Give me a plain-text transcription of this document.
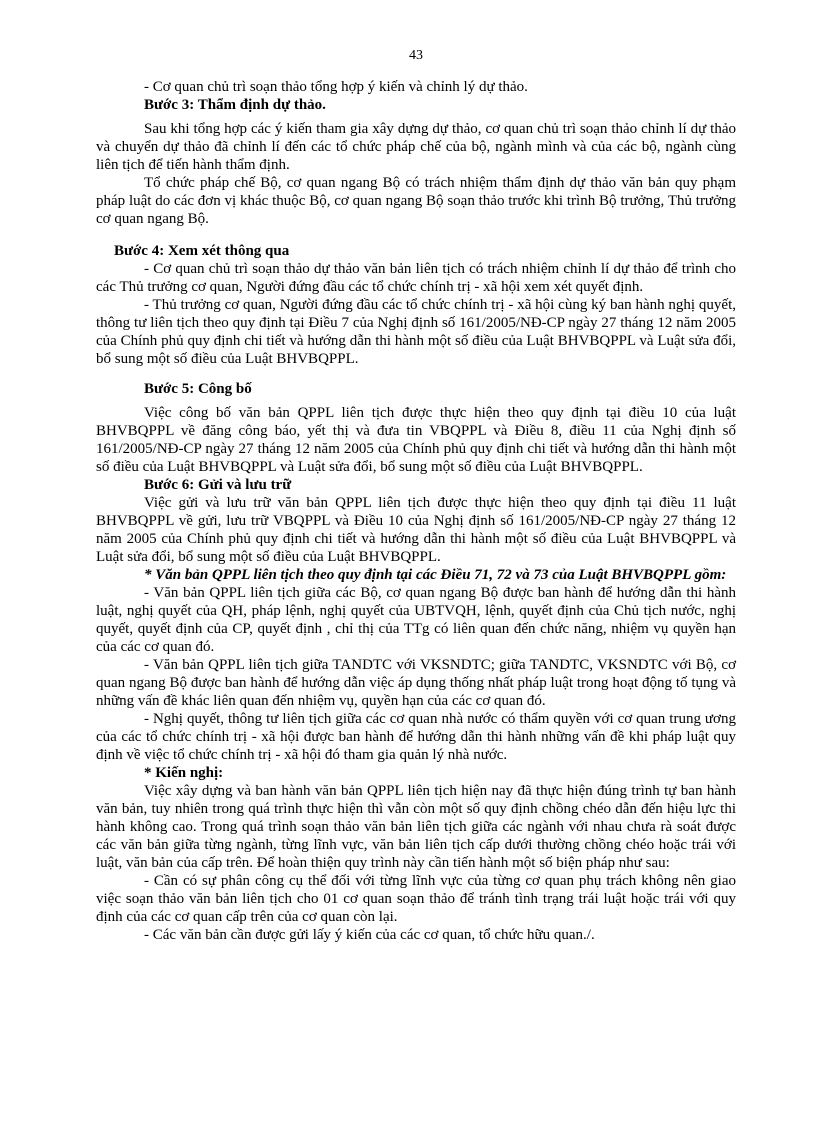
43

- Cơ quan chủ trì soạn thảo tổng hợp ý kiến và chỉnh lý dự thảo.

Bước 3: Thẩm định dự thảo.

Sau khi tổng hợp các ý kiến tham gia xây dựng dự thảo, cơ quan chủ trì soạn thảo chỉnh lí dự thảo và chuyển dự thảo đã chỉnh lí đến các tổ chức pháp chế của bộ, ngành mình và của các bộ, ngành cùng liên tịch để tiến hành thẩm định.

Tổ chức pháp chế Bộ, cơ quan ngang Bộ có trách nhiệm thẩm định dự thảo văn bản quy phạm pháp luật do các đơn vị khác thuộc Bộ, cơ quan ngang Bộ soạn thảo trước khi trình Bộ trưởng, Thủ trưởng cơ quan ngang Bộ.

Bước 4: Xem xét thông qua

- Cơ quan chủ trì soạn thảo dự thảo văn bản liên tịch có trách nhiệm chỉnh lí dự thảo để trình cho các Thủ trưởng cơ quan, Người đứng đầu các tổ chức chính trị - xã hội xem xét quyết định.

- Thủ trưởng cơ quan, Người đứng đầu các tổ chức chính trị - xã hội cùng ký ban hành nghị quyết, thông tư liên tịch theo quy định tại Điều 7 của Nghị định số 161/2005/NĐ-CP ngày 27 tháng 12 năm 2005 của Chính phủ quy định chi tiết và hướng dẫn thi hành một số điều của Luật BHVBQPPL và Luật sửa đổi, bổ sung một số điều của Luật BHVBQPPL.

Bước 5: Công bố

Việc công bố văn bản QPPL liên tịch được thực hiện theo quy định tại điều 10 của luật BHVBQPPL về đăng công báo, yết thị và đưa tin VBQPPL và Điều 8, điều 11 của Nghị định số 161/2005/NĐ-CP ngày 27 tháng 12 năm 2005 của Chính phủ quy định chi tiết và hướng dẫn thi hành một số điều của Luật BHVBQPPL và Luật sửa đổi, bổ sung một số điều của Luật BHVBQPPL.

Bước 6: Gửi và lưu trữ

Việc gửi và lưu trữ văn bản QPPL liên tịch được thực hiện theo quy định tại điều 11 luật BHVBQPPL về gửi, lưu trữ VBQPPL và Điều 10 của Nghị định số 161/2005/NĐ-CP ngày 27 tháng 12 năm 2005 của Chính phủ quy định chi tiết và hướng dẫn thi hành một số điều của Luật BHVBQPPL và Luật sửa đổi, bổ sung một số điều của Luật BHVBQPPL.

* Văn bản QPPL liên tịch theo quy định tại các Điều 71, 72 và 73 của Luật BHVBQPPL gồm:

- Văn bản QPPL liên tịch giữa các Bộ, cơ quan ngang Bộ được ban hành để hướng dẫn thi hành luật, nghị quyết của QH, pháp lệnh, nghị quyết của UBTVQH, lệnh, quyết định của Chủ tịch nước, nghị quyết, quyết định của CP, quyết định , chỉ thị của TTg có liên quan đến chức năng, nhiệm vụ quyền hạn của các cơ quan đó.

- Văn bản QPPL liên tịch giữa TANDTC với VKSNDTC; giữa TANDTC, VKSNDTC với Bộ, cơ quan ngang Bộ được ban hành để hướng dẫn việc áp dụng thống nhất pháp luật trong hoạt động tố tụng và những vấn đề khác liên quan đến nhiệm vụ, quyền hạn của các cơ quan đó.

- Nghị quyết, thông tư liên tịch giữa các cơ quan nhà nước có thẩm quyền với cơ quan trung ương của các tổ chức chính trị - xã hội được ban hành để hướng dẫn thi hành những vấn đề khi pháp luật quy định về việc tổ chức chính trị - xã hội đó tham gia quản lý nhà nước.

* Kiến nghị:

Việc xây dựng và ban hành văn bản QPPL liên tịch hiện nay đã thực hiện đúng trình tự ban hành văn bản, tuy nhiên trong quá trình thực hiện thì vẫn còn một số quy định chồng chéo dẫn đến hiệu lực thi hành không cao. Trong quá trình soạn thảo văn bản liên tịch giữa các ngành với nhau chưa rà soát được các văn bản giữa từng ngành, từng lĩnh vực, văn bản liên tịch cấp dưới thường chồng chéo hoặc trái với luật, văn bản của cấp trên. Để hoàn thiện quy trình này cần tiến hành một số biện pháp như sau:

- Cần có sự phân công cụ thể đối với từng lĩnh vực của từng cơ quan phụ trách không nên giao việc soạn thảo văn bản liên tịch cho 01 cơ quan soạn thảo để tránh tình trạng trái luật hoặc trái với quy định của các cơ quan cấp trên của cơ quan còn lại.

- Các văn bản cần được gửi lấy ý kiến của các cơ quan, tổ chức hữu quan./.
